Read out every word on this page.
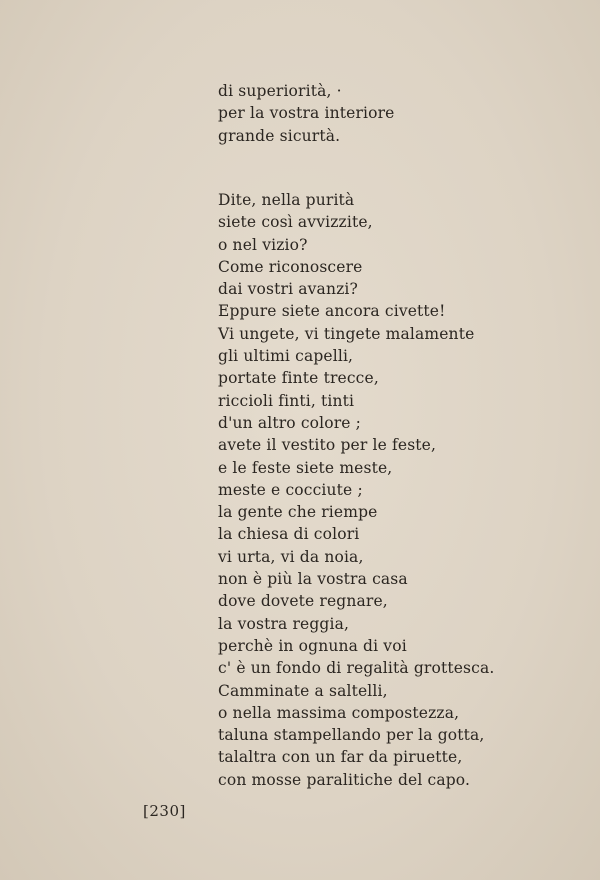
di superiorità, ·
per la vostra interiore
grande sicurtà.
Dite, nella purità
siete così avvizzite,
o nel vizio?
Come riconoscere
dai vostri avanzi?
Eppure siete ancora civette!
Vi ungete, vi tingete malamente
gli ultimi capelli,
portate finte trecce,
riccioli finti, tinti
d'un altro colore ;
avete il vestito per le feste,
e le feste siete meste,
meste e cocciute ;
la gente che riempe
la chiesa di colori
vi urta, vi da noia,
non è più la vostra casa
dove dovete regnare,
la vostra reggia,
perchè in ognuna di voi
c' è un fondo di regalità grottesca.
Camminate a saltelli,
o nella massima compostezza,
taluna stampellando per la gotta,
talaltra con un far da piruette,
con mosse paralitiche del capo.
[230]
